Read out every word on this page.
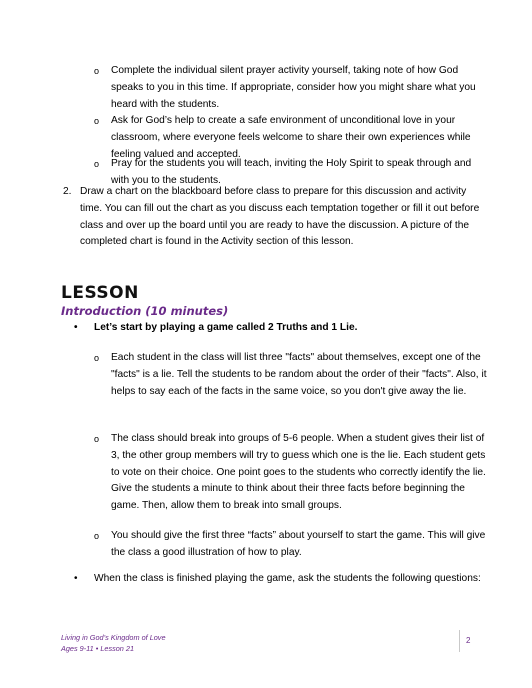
o Complete the individual silent prayer activity yourself, taking note of how God speaks to you in this time. If appropriate, consider how you might share what you heard with the students.
o Ask for God’s help to create a safe environment of unconditional love in your classroom, where everyone feels welcome to share their own experiences while feeling valued and accepted.
o Pray for the students you will teach, inviting the Holy Spirit to speak through and with you to the students.
2. Draw a chart on the blackboard before class to prepare for this discussion and activity time. You can fill out the chart as you discuss each temptation together or fill it out before class and over up the board until you are ready to have the discussion. A picture of the completed chart is found in the Activity section of this lesson.
LESSON
Introduction (10 minutes)
• Let’s start by playing a game called 2 Truths and 1 Lie.
o Each student in the class will list three "facts" about themselves, except one of the "facts" is a lie. Tell the students to be random about the order of their "facts". Also, it helps to say each of the facts in the same voice, so you don't give away the lie.
o The class should break into groups of 5-6 people. When a student gives their list of 3, the other group members will try to guess which one is the lie. Each student gets to vote on their choice. One point goes to the students who correctly identify the lie. Give the students a minute to think about their three facts before beginning the game. Then, allow them to break into small groups.
o You should give the first three “facts” about yourself to start the game. This will give the class a good illustration of how to play.
• When the class is finished playing the game, ask the students the following questions:
Living in God’s Kingdom of Love
Ages 9-11 • Lesson 21
2
